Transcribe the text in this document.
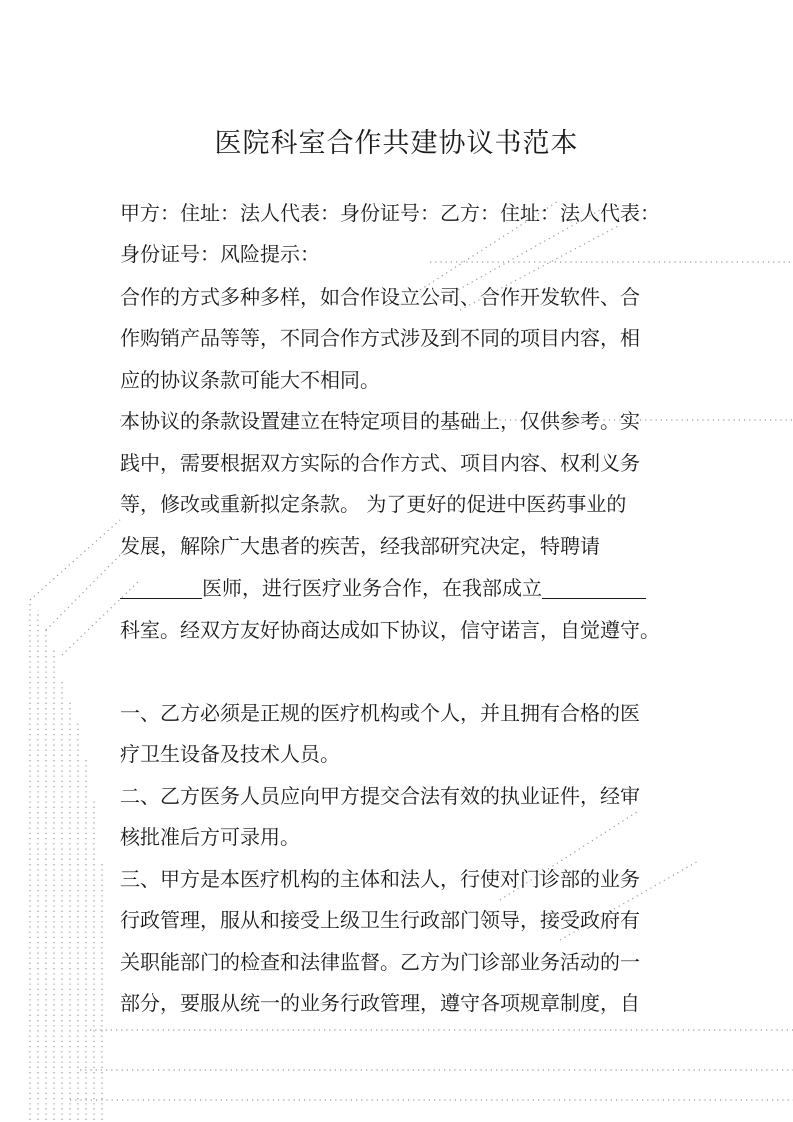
医院科室合作共建协议书范本
甲方：住址：法人代表：身份证号：乙方：住址：法人代表：
身份证号：风险提示：
合作的方式多种多样，如合作设立公司、合作开发软件、合
作购销产品等等，不同合作方式涉及到不同的项目内容，相
应的协议条款可能大不相同。
本协议的条款设置建立在特定项目的基础上，仅供参考。实
践中，需要根据双方实际的合作方式、项目内容、权利义务
等，修改或重新拟定条款。 为了更好的促进中医药事业的
发展，解除广大患者的疾苦，经我部研究决定，特聘请
医师，进行医疗业务合作，在我部成立
科室。经双方友好协商达成如下协议，信守诺言，自觉遵守。
一、乙方必须是正规的医疗机构或个人，并且拥有合格的医
疗卫生设备及技术人员。
二、乙方医务人员应向甲方提交合法有效的执业证件，经审
核批准后方可录用。
三、甲方是本医疗机构的主体和法人，行使对门诊部的业务
行政管理，服从和接受上级卫生行政部门领导，接受政府有
关职能部门的检查和法律监督。乙方为门诊部业务活动的一
部分，要服从统一的业务行政管理，遵守各项规章制度，自
